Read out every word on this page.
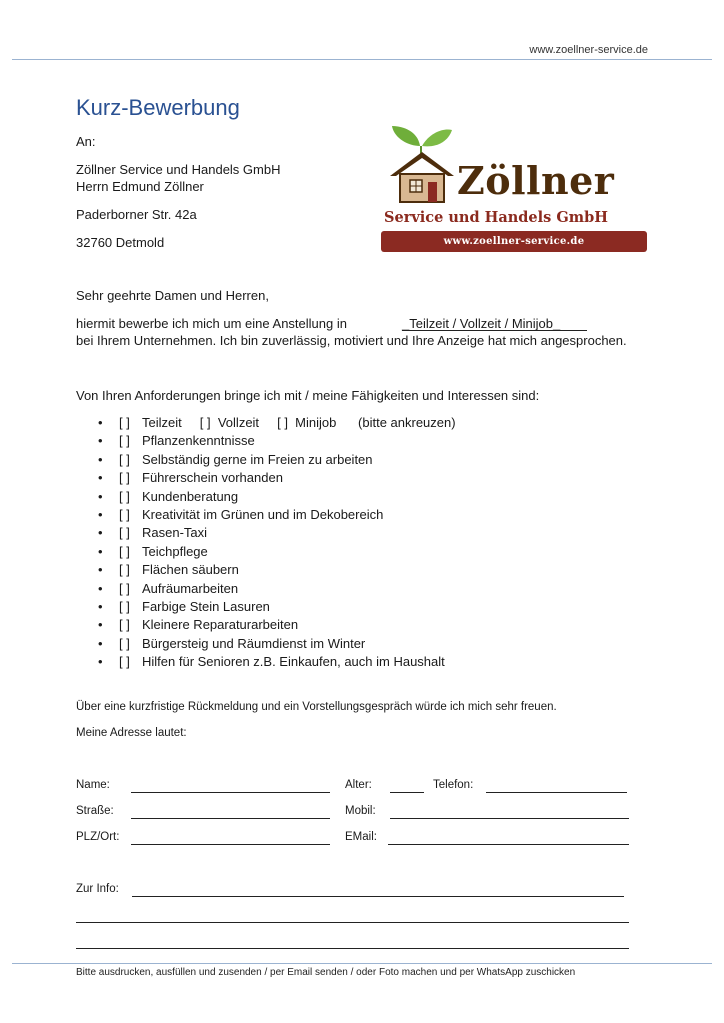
www.zoellner-service.de
Kurz-Bewerbung
An:
Zöllner Service und Handels GmbH
Herrn Edmund Zöllner
Paderborner Str. 42a
32760 Detmold
Zöllner
Service und Handels GmbH
www.zoellner-service.de
Sehr geehrte Damen und Herren,
hiermit bewerbe ich mich um eine Anstellung in	_Teilzeit / Vollzeit / Minijob_
bei Ihrem Unternehmen. Ich bin zuverlässig, motiviert und Ihre Anzeige hat mich angesprochen.
Von Ihren Anforderungen bringe ich mit / meine Fähigkeiten und Interessen sind:
[ ] Teilzeit     [ ]  Vollzeit     [ ]  Minijob      (bitte ankreuzen)
[ ] Pflanzenkenntnisse
[ ] Selbständig gerne im Freien zu arbeiten
[ ] Führerschein vorhanden
[ ] Kundenberatung
[ ] Kreativität im Grünen und im Dekobereich
[ ] Rasen-Taxi
[ ] Teichpflege
[ ] Flächen säubern
[ ] Aufräumarbeiten
[ ] Farbige Stein Lasuren
[ ] Kleinere Reparaturarbeiten
[ ] Bürgersteig und Räumdienst im Winter
[ ] Hilfen für Senioren z.B. Einkaufen, auch im Haushalt
Über eine kurzfristige Rückmeldung und ein Vorstellungsgespräch würde ich mich sehr freuen.
Meine Adresse lautet:
Name:	Alter:	Telefon:
Straße:	Mobil:
PLZ/Ort:	EMail:
Zur Info:
Bitte ausdrucken, ausfüllen und zusenden / per Email senden / oder Foto machen und per WhatsApp zuschicken
